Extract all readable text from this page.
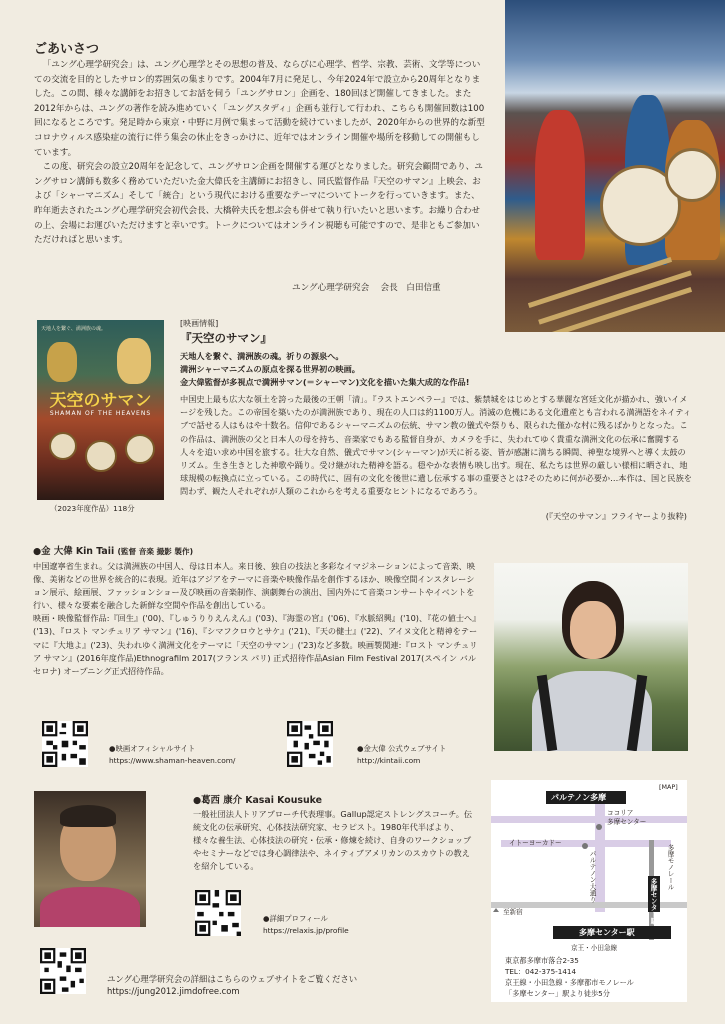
ごあいさつ

「ユング心理学研究会」は、ユング心理学とその思想の普及、ならびに心理学、哲学、宗教、芸術、文学等についての交流を目的としたサロン的雰囲気の集まりです。2004年7月に発足し、今年2024年で設立から20周年となりました。この間、様々な講師をお招きしてお話を伺う「ユングサロン」企画を、180回ほど開催してきました。また2012年からは、ユングの著作を読み進めていく「ユングスタディ」企画も並行して行われ、こちらも開催回数は100回になるところです。発足時から東京・中野に月例で集まって活動を続けていましたが、2020年からの世界的な新型コロナウィルス感染症の流行に伴う集会の休止をきっかけに、近年ではオンライン開催や場所を移動しての開催もしています。

この度、研究会の設立20周年を記念して、ユングサロン企画を開催する運びとなりました。研究会顧問であり、ユングサロン講師も数多く務めていただいた金大偉氏を主講師にお招きし、同氏監督作品『天空のサマン』上映会、および「シャーマニズム」そして「統合」という現代における重要なテーマについてトークを行っていきます。また、昨年逝去されたユング心理学研究会初代会長、大橋幹夫氏を想ぶ会も併せて執り行いたいと思います。お繰り合わせの上、会場にお運びいただけますと幸いです。トークについてはオンライン視聴も可能ですので、是非ともご参加いただければと思います。

ユング心理学研究会　 会長　白田信重
天地人を繋ぐ、満洲族の魂。
天空のサマン
SHAMAN OF THE HEAVENS
（2023年度作品）118分
[映画情報]
『天空のサマン』
天地人を繋ぐ、満洲族の魂。祈りの源泉へ。
満洲シャーマニズムの原点を探る世界初の映画。
金大偉監督が多視点で満洲サマン(＝シャーマン)文化を描いた集大成的な作品!
中国史上最も広大な領土を誇った最後の王朝「清」。『ラストエンペラー』では、紫禁城をはじめとする華麗な宮廷文化が描かれ、強いイメージを残した。この帝国を築いたのが満洲族であり、現在の人口は約1100万人。消滅の危機にある文化遺産とも言われる満洲語をネイティブで話せる人はもはや十数名。信仰であるシャーマニズムの伝統、サマン教の儀式や祭りも、限られた僅かな村に残るばかりとなった。この作品は、満洲族の父と日本人の母を持ち、音楽家でもある監督自身が、カメラを手に、失われてゆく貴重な満洲文化の伝承に奮闘する人々を追い求め中国を旅する。壮大な自然、儀式でサマン(シャーマン)が天に祈る姿、皆が感謝に満ちる瞬間、神聖な境界へと導く太鼓のリズム。生き生きとした神歌や踊り。受け継がれた精神を語る。穏やかな表情も映し出す。現在、私たちは世界の厳しい様相に晒され、地球規模の転換点に立っている。この時代に、固有の文化を後世に遺し伝承する事の重要さとは?そのために何が必要か…本作は、国と民族を問わず、観た人それぞれが人類のこれからを考える重要なヒントになるであろう。
(『天空のサマン』フライヤーより抜粋)
●金 大偉 Kin Taii (監督 音楽 撮影 製作)
中国遼寧省生まれ。父は満洲族の中国人、母は日本人。来日後、独自の技法と多彩なイマジネーションによって音楽、映像、美術などの世界を統合的に表現。近年はアジアをテーマに音楽や映像作品を創作するほか、映像空間インスタレーション展示、絵画展、ファッションショー及び映画の音楽制作、演劇舞台の演出、国内外にて音楽コンサートやイベントを行い、様々な要素を融合した新鮮な空間や作品を創出している。
映画・映像監督作品:『回生』('00)、『しゅうりりえんえん』('03)、『海霊の宮』('06)、『水脈紹興』('10)、『花の値士へ』('13)、『ロスト マンチュリア サマン』('16)、『シマフクロウとサケ』('21)、『天の健士』('22)、アイヌ文化と精神をテーマに『大地よ』('23)、失われゆく満洲文化をテーマに「天空のサマン」('23)など多数。映画製関連:『ロスト マンチュリア サマン』(2016年度作品)Ethnografilm 2017(フランス パリ) 正式招待作品Asian Film Festival 2017(スペイン バルセロナ) オープニング正式招待作品。
●映画オフィシャルサイト
https://www.shaman-heaven.com/
●金大偉 公式ウェブサイト
http://kintaii.com
●葛西 康介 Kasai Kousuke
一般社団法人トリアプローチ代表理事。Gallup認定ストレングスコーチ。伝統文化の伝承研究、心体技法研究家、セラピスト。1980年代半ばより、様々な養生法、心体技法の研究・伝承・修煉を続け、自身のワークショップやセミナーなどでは身心調律法や、ネイティブアメリカンのスカウトの教えを紹介している。
●詳細プロフィール
https://relaxis.jp/profile
[MAP]
パルテノン多摩
ココリア
多摩センター
イトーヨーカドー
パルテノン大通り	多摩モノレール
多摩センター駅
至新宿
多摩センター駅
京王・小田急線
東京都多摩市落合2-35
TEL：042-375-1414
京王線・小田急線・多摩都市モノレール
「多摩センター」駅より徒歩5分
ユング心理学研究会の詳細はこちらのウェブサイトをご覧ください
https://jung2012.jimdofree.com
